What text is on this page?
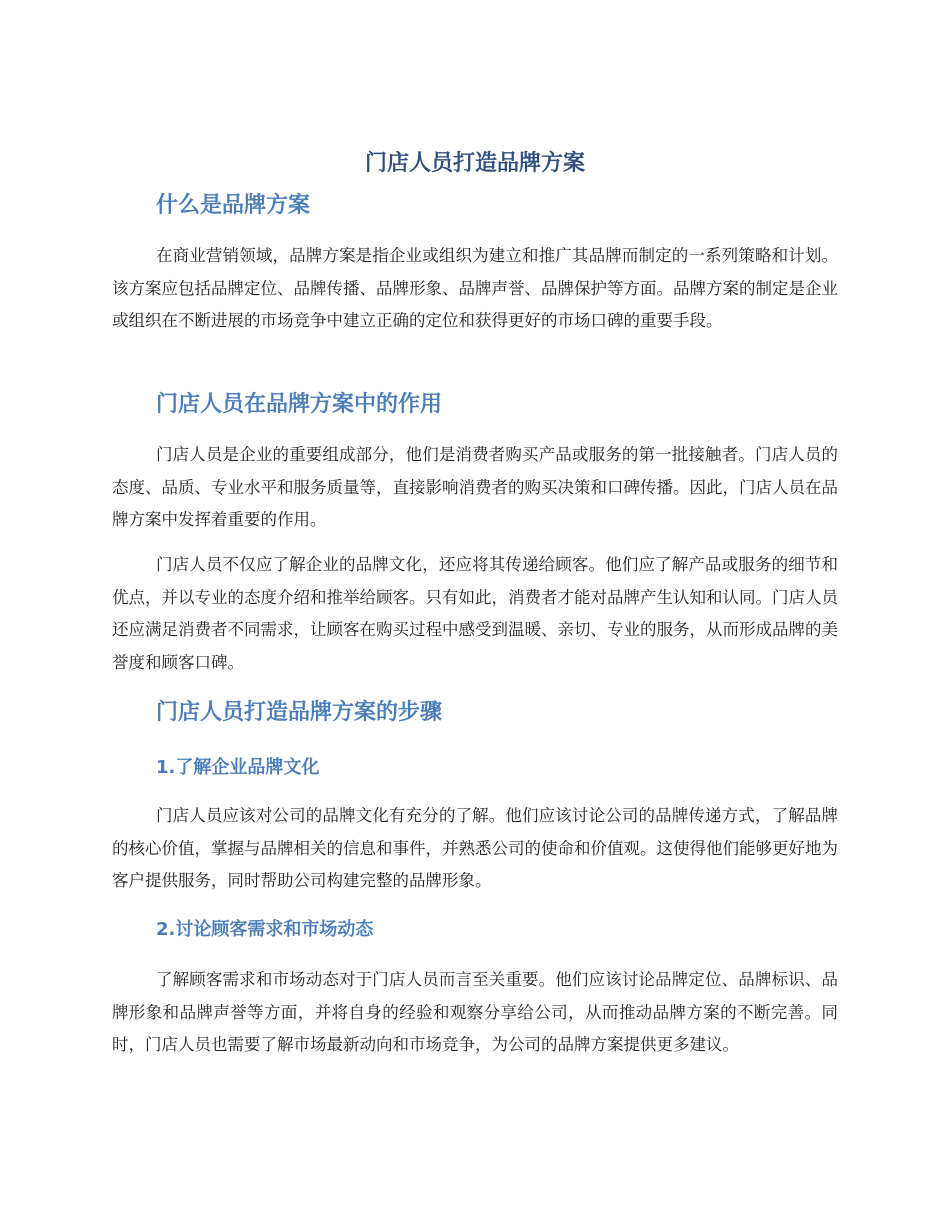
门店人员打造品牌方案
什么是品牌方案

在商业营销领域，品牌方案是指企业或组织为建立和推广其品牌而制定的一系列策略和计划。该方案应包括品牌定位、品牌传播、品牌形象、品牌声誉、品牌保护等方面。品牌方案的制定是企业或组织在不断进展的市场竞争中建立正确的定位和获得更好的市场口碑的重要手段。

门店人员在品牌方案中的作用

门店人员是企业的重要组成部分，他们是消费者购买产品或服务的第一批接触者。门店人员的态度、品质、专业水平和服务质量等，直接影响消费者的购买决策和口碑传播。因此，门店人员在品牌方案中发挥着重要的作用。

门店人员不仅应了解企业的品牌文化，还应将其传递给顾客。他们应了解产品或服务的细节和优点，并以专业的态度介绍和推举给顾客。只有如此，消费者才能对品牌产生认知和认同。门店人员还应满足消费者不同需求，让顾客在购买过程中感受到温暖、亲切、专业的服务，从而形成品牌的美誉度和顾客口碑。

门店人员打造品牌方案的步骤
1.了解企业品牌文化

门店人员应该对公司的品牌文化有充分的了解。他们应该讨论公司的品牌传递方式，了解品牌的核心价值，掌握与品牌相关的信息和事件，并熟悉公司的使命和价值观。这使得他们能够更好地为客户提供服务，同时帮助公司构建完整的品牌形象。

2.讨论顾客需求和市场动态

了解顾客需求和市场动态对于门店人员而言至关重要。他们应该讨论品牌定位、品牌标识、品牌形象和品牌声誉等方面，并将自身的经验和观察分享给公司，从而推动品牌方案的不断完善。同时，门店人员也需要了解市场最新动向和市场竞争，为公司的品牌方案提供更多建议。
